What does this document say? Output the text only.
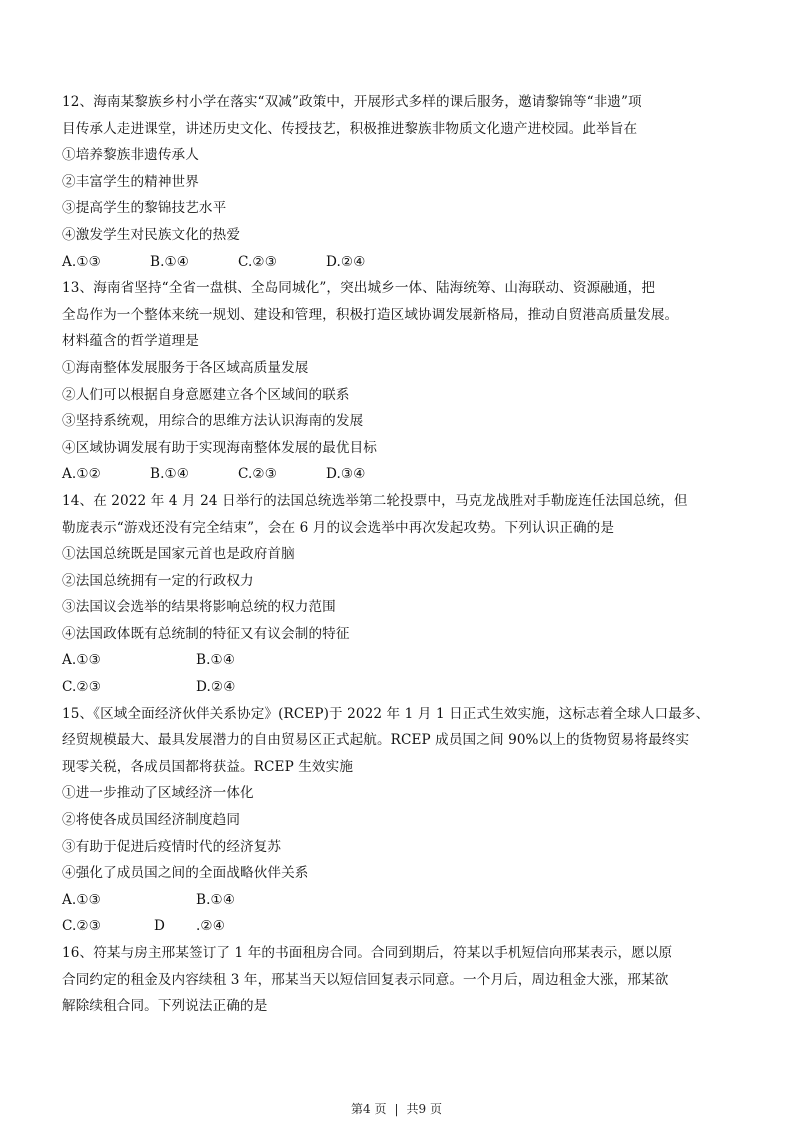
12、海南某黎族乡村小学在落实“双减”政策中，开展形式多样的课后服务，邀请黎锦等“非遗”项
目传承人走进课堂，讲述历史文化、传授技艺，积极推进黎族非物质文化遗产进校园。此举旨在
①培养黎族非遗传承人
②丰富学生的精神世界
③提高学生的黎锦技艺水平
④激发学生对民族文化的热爱
A.①③	B.①④	C.②③	D.②④
13、海南省坚持“全省一盘棋、全岛同城化”，突出城乡一体、陆海统筹、山海联动、资源融通，把
全岛作为一个整体来统一规划、建设和管理，积极打造区域协调发展新格局，推动自贸港高质量发展。
材料蕴含的哲学道理是
①海南整体发展服务于各区域高质量发展
②人们可以根据自身意愿建立各个区域间的联系
③坚持系统观，用综合的思维方法认识海南的发展
④区域协调发展有助于实现海南整体发展的最优目标
A.①②	B.①④	C.②③	D.③④
14、在 2022 年 4 月 24 日举行的法国总统选举第二轮投票中，马克龙战胜对手勒庞连任法国总统，但
勒庞表示“游戏还没有完全结束”，会在 6 月的议会选举中再次发起攻势。下列认识正确的是
①法国总统既是国家元首也是政府首脑
②法国总统拥有一定的行政权力
③法国议会选举的结果将影响总统的权力范围
④法国政体既有总统制的特征又有议会制的特征
A.①③	B.①④
C.②③	D.②④
15、《区域全面经济伙伴关系协定》(RCEP)于 2022 年 1 月 1 日正式生效实施，这标志着全球人口最多、
经贸规模最大、最具发展潜力的自由贸易区正式起航。RCEP 成员国之间 90%以上的货物贸易将最终实
现零关税，各成员国都将获益。RCEP 生效实施
①进一步推动了区域经济一体化
②将使各成员国经济制度趋同
③有助于促进后疫情时代的经济复苏
④强化了成员国之间的全面战略伙伴关系
A.①③	B.①④
C.②③	D	.②④
16、符某与房主邢某签订了 1 年的书面租房合同。合同到期后，符某以手机短信向邢某表示，愿以原
合同约定的租金及内容续租 3 年，邢某当天以短信回复表示同意。一个月后，周边租金大涨，邢某欲
解除续租合同。下列说法正确的是
第4 页 | 共9 页
